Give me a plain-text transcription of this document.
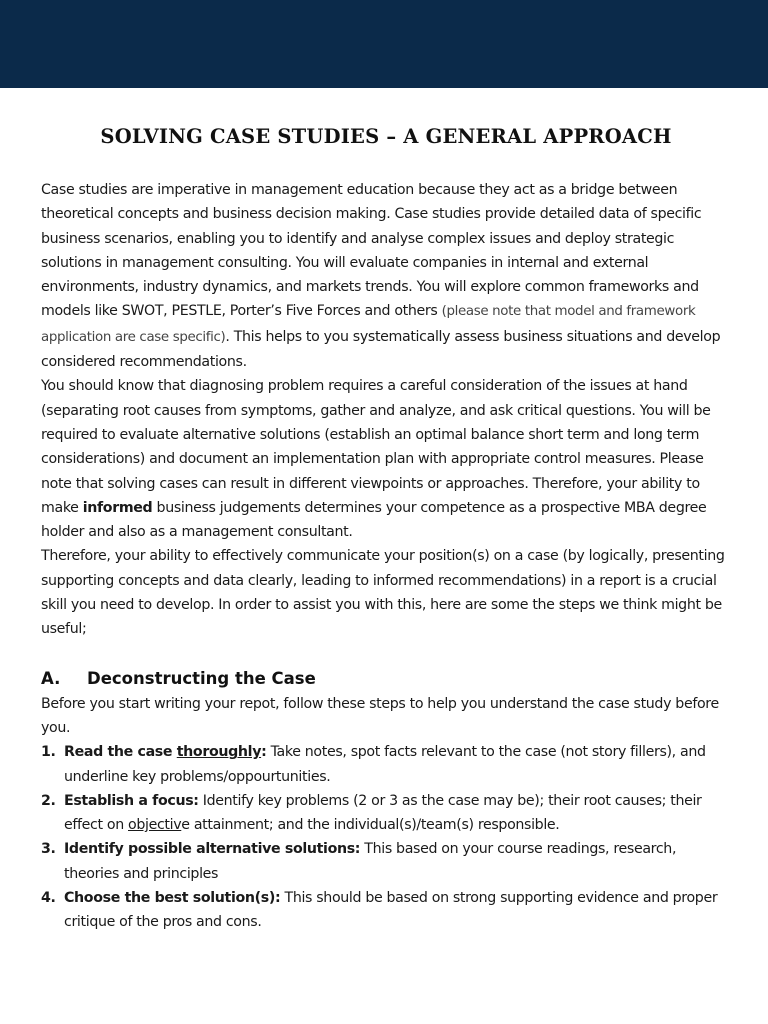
SOLVING CASE STUDIES – A GENERAL APPROACH

Case studies are imperative in management education because they act as a bridge between theoretical concepts and business decision making. Case studies provide detailed data of specific business scenarios, enabling you to identify and analyse complex issues and deploy strategic solutions in management consulting. You will evaluate companies in internal and external environments, industry dynamics, and markets trends. You will explore common frameworks and models like SWOT, PESTLE, Porter’s Five Forces and others (please note that model and framework application are case specific). This helps to you systematically assess business situations and develop considered recommendations.

You should know that diagnosing problem requires a careful consideration of the issues at hand (separating root causes from symptoms, gather and analyze, and ask critical questions. You will be required to evaluate alternative solutions (establish an optimal balance short term and long term considerations) and document an implementation plan with appropriate control measures. Please note that solving cases can result in different viewpoints or approaches. Therefore, your ability to make informed business judgements determines your competence as a prospective MBA degree holder and also as a management consultant.

Therefore, your ability to effectively communicate your position(s) on a case (by logically, presenting supporting concepts and data clearly, leading to informed recommendations) in a report is a crucial skill you need to develop. In order to assist you with this, here are some the steps we think might be useful;

A.	Deconstructing the Case

Before you start writing your repot, follow these steps to help you understand the case study before you.

1. Read the case thoroughly: Take notes, spot facts relevant to the case (not story fillers), and underline key problems/oppourtunities.
2. Establish a focus: Identify key problems (2 or 3 as the case may be); their root causes; their effect on objective attainment; and the individual(s)/team(s) responsible.
3. Identify possible alternative solutions: This based on your course readings, research, theories and principles
4. Choose the best solution(s): This should be based on strong supporting evidence and proper critique of the pros and cons.
